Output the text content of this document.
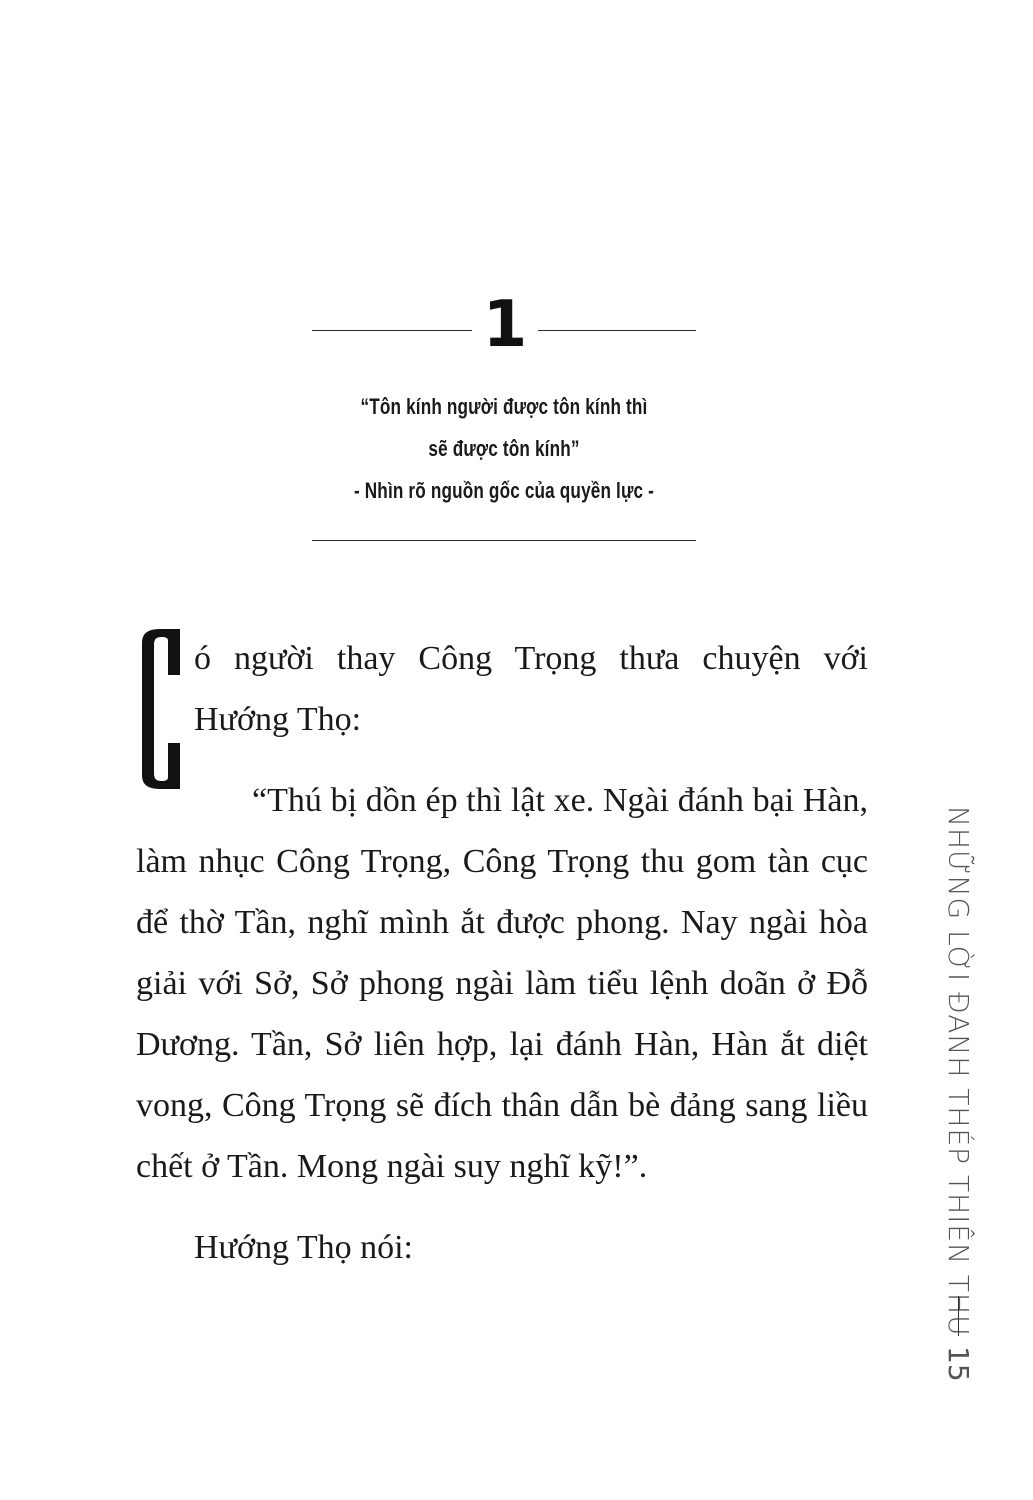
1
“Tôn kính người được tôn kính thì
sẽ được tôn kính”
- Nhìn rõ nguồn gốc của quyền lực -

ó người thay Công Trọng thưa chuyện với Hướng Thọ:

“Thú bị dồn ép thì lật xe. Ngài đánh bại Hàn, làm nhục Công Trọng, Công Trọng thu gom tàn cục để thờ Tần, nghĩ mình ắt được phong. Nay ngài hòa giải với Sở, Sở phong ngài làm tiểu lệnh doãn ở Đỗ Dương. Tần, Sở liên hợp, lại đánh Hàn, Hàn ắt diệt vong, Công Trọng sẽ đích thân dẫn bè đảng sang liều chết ở Tần. Mong ngài suy nghĩ kỹ!”.

Hướng Thọ nói:	NHỮNG LỜI ĐANH THÉP THIÊN THU
15
